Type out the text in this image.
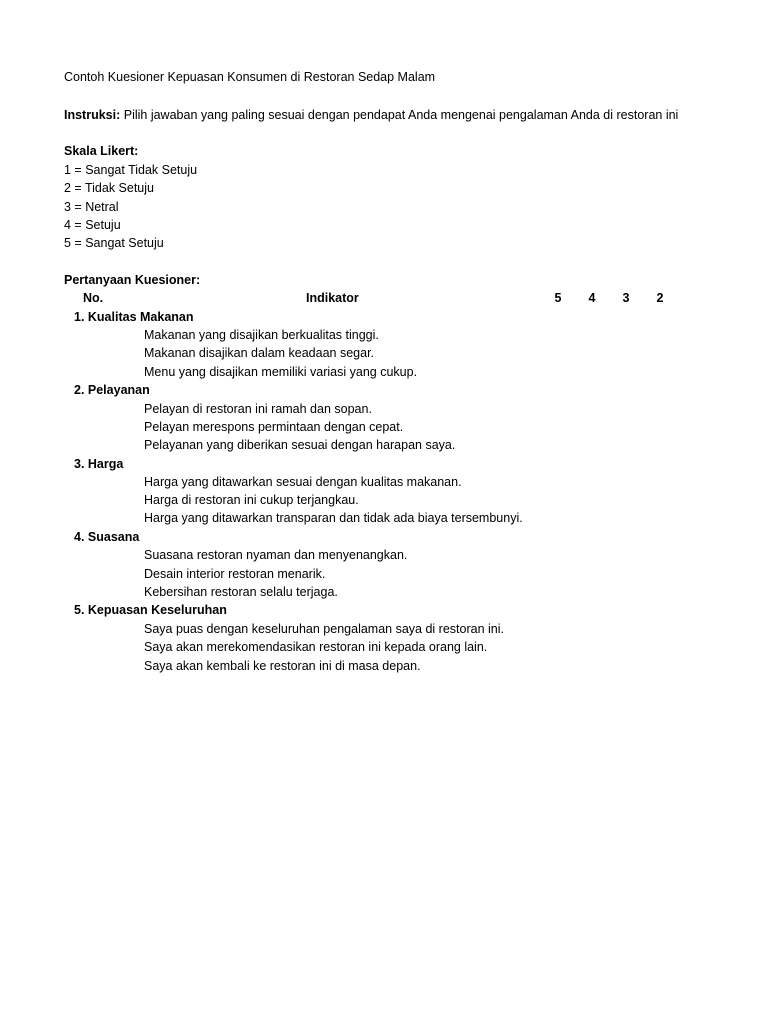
Contoh Kuesioner Kepuasan Konsumen di Restoran Sedap Malam
Instruksi: Pilih jawaban yang paling sesuai dengan pendapat Anda mengenai pengalaman Anda di restoran ini
Skala Likert:
1 = Sangat Tidak Setuju
2 = Tidak Setuju
3 = Netral
4 = Setuju
5 = Sangat Setuju
Pertanyaan Kuesioner:
No.	Indikator	5	4	3	2
1. Kualitas Makanan
Makanan yang disajikan berkualitas tinggi.
Makanan disajikan dalam keadaan segar.
Menu yang disajikan memiliki variasi yang cukup.
2. Pelayanan
Pelayan di restoran ini ramah dan sopan.
Pelayan merespons permintaan dengan cepat.
Pelayanan yang diberikan sesuai dengan harapan saya.
3. Harga
Harga yang ditawarkan sesuai dengan kualitas makanan.
Harga di restoran ini cukup terjangkau.
Harga yang ditawarkan transparan dan tidak ada biaya tersembunyi.
4. Suasana
Suasana restoran nyaman dan menyenangkan.
Desain interior restoran menarik.
Kebersihan restoran selalu terjaga.
5. Kepuasan Keseluruhan
Saya puas dengan keseluruhan pengalaman saya di restoran ini.
Saya akan merekomendasikan restoran ini kepada orang lain.
Saya akan kembali ke restoran ini di masa depan.
